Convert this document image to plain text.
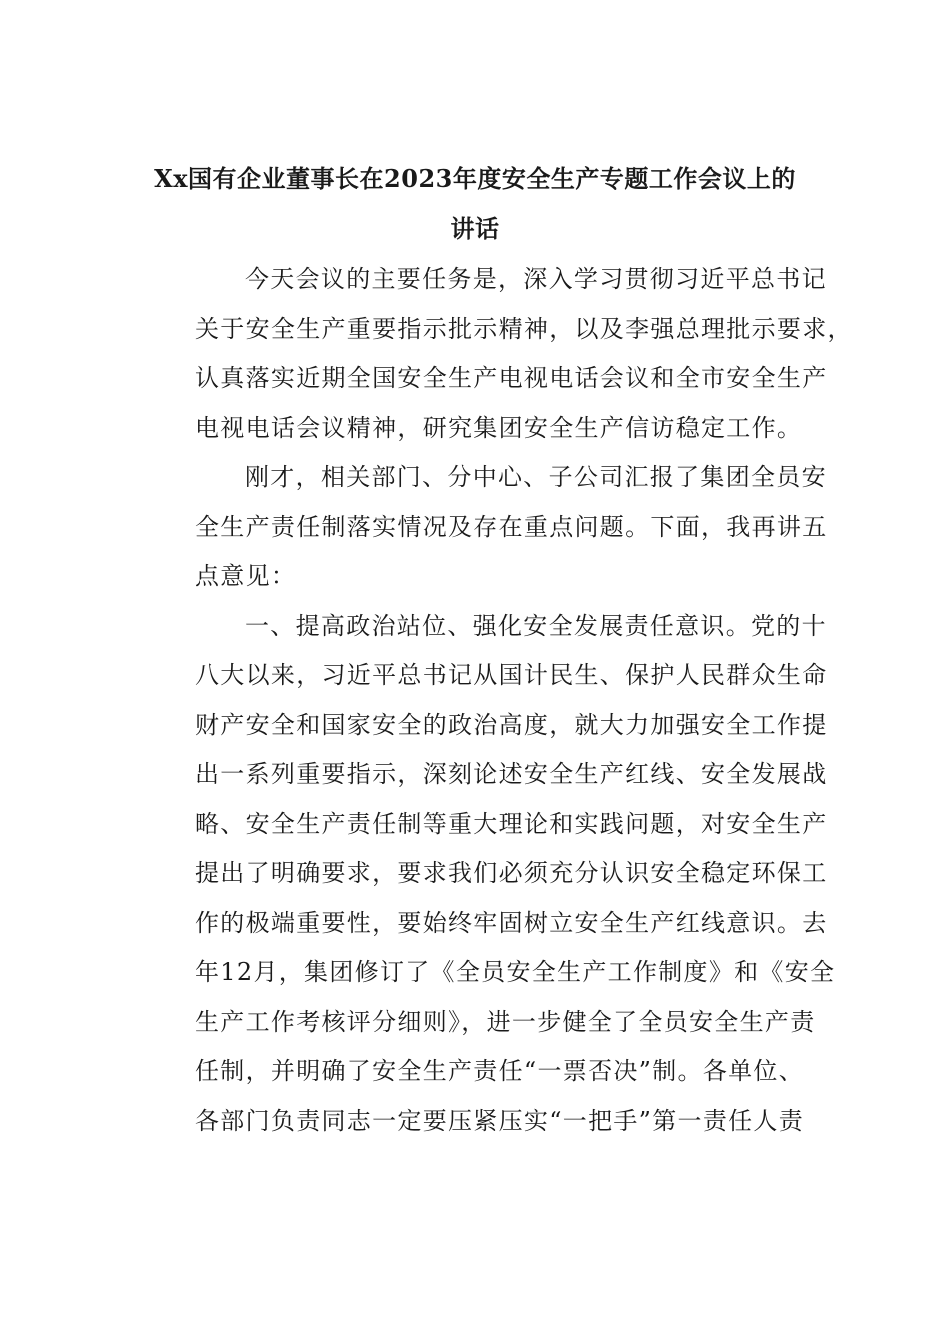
Xx国有企业董事长在2023年度安全生产专题工作会议上的
讲话
今天会议的主要任务是，深入学习贯彻习近平总书记
关于安全生产重要指示批示精神，以及李强总理批示要求，
认真落实近期全国安全生产电视电话会议和全市安全生产
电视电话会议精神，研究集团安全生产信访稳定工作。
刚才，相关部门、分中心、子公司汇报了集团全员安
全生产责任制落实情况及存在重点问题。下面，我再讲五
点意见：
一、提高政治站位、强化安全发展责任意识。党的十
八大以来，习近平总书记从国计民生、保护人民群众生命
财产安全和国家安全的政治高度，就大力加强安全工作提
出一系列重要指示，深刻论述安全生产红线、安全发展战
略、安全生产责任制等重大理论和实践问题，对安全生产
提出了明确要求，要求我们必须充分认识安全稳定环保工
作的极端重要性，要始终牢固树立安全生产红线意识。去
年12月，集团修订了《全员安全生产工作制度》和《安全
生产工作考核评分细则》，进一步健全了全员安全生产责
任制，并明确了安全生产责任“一票否决”制。各单位、
各部门负责同志一定要压紧压实“一把手”第一责任人责
